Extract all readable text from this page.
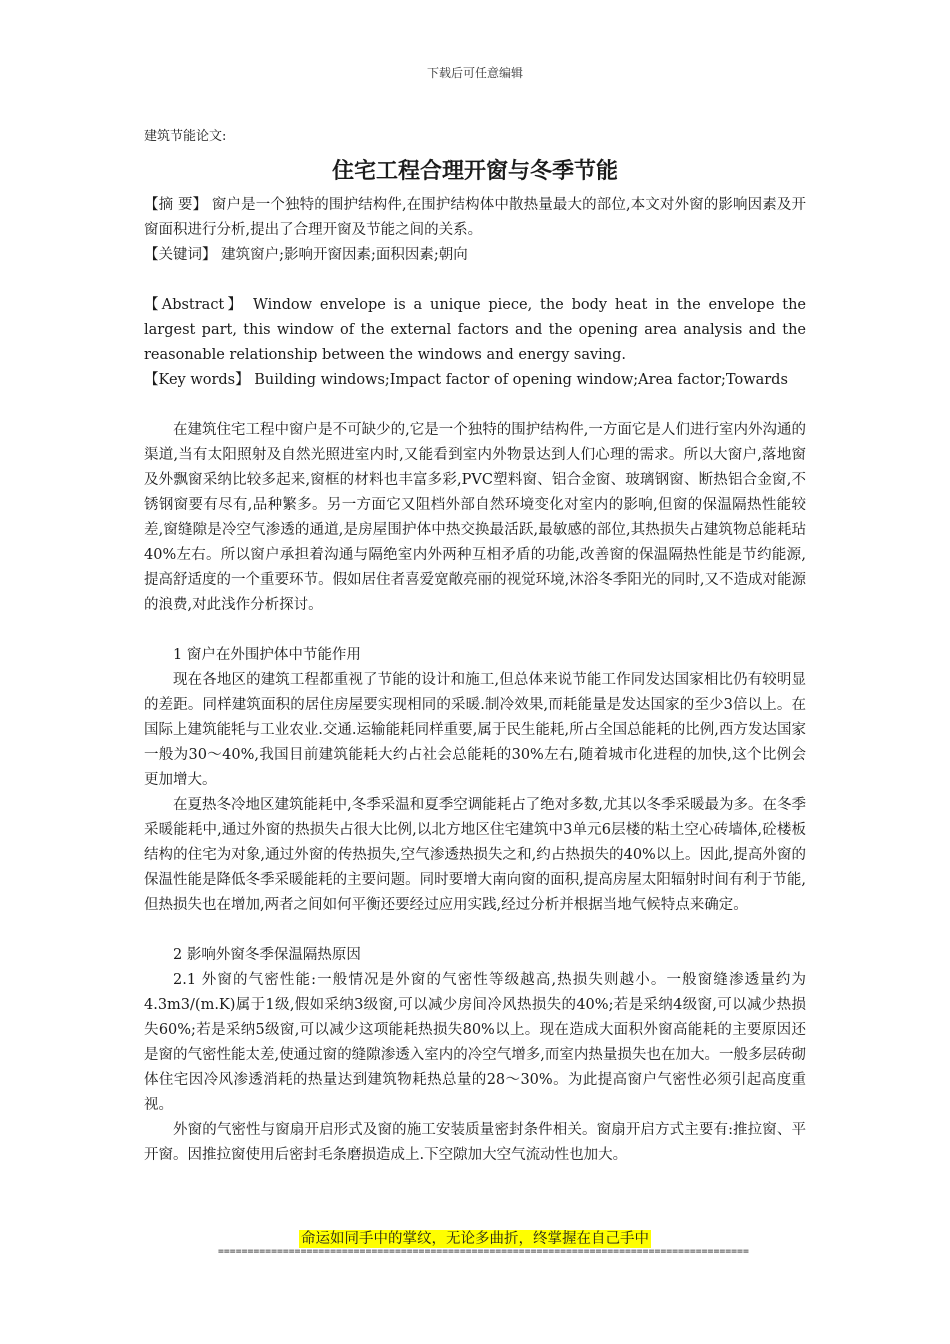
下载后可任意编辑
建筑节能论文:
住宅工程合理开窗与冬季节能

【摘 要】 窗户是一个独特的围护结构件,在围护结构体中散热量最大的部位,本文对外窗的影响因素及开窗面积进行分析,提出了合理开窗及节能之间的关系。

【关键词】 建筑窗户;影响开窗因素;面积因素;朝向

【Abstract】 Window envelope is a unique piece, the body heat in the envelope the largest part, this window of the external factors and the opening area analysis and the reasonable relationship between the windows and energy saving.

【Key words】 Building windows;Impact factor of opening window;Area factor;Towards

在建筑住宅工程中窗户是不可缺少的,它是一个独特的围护结构件,一方面它是人们进行室内外沟通的渠道,当有太阳照射及自然光照进室内时,又能看到室内外物景达到人们心理的需求。所以大窗户,落地窗及外飘窗采纳比较多起来,窗框的材料也丰富多彩,PVC塑料窗、铝合金窗、玻璃钢窗、断热铝合金窗,不锈钢窗要有尽有,品种繁多。另一方面它又阻档外部自然环境变化对室内的影响,但窗的保温隔热性能较差,窗缝隙是冷空气渗透的通道,是房屋围护体中热交换最活跃,最敏感的部位,其热损失占建筑物总能耗玷40%左右。所以窗户承担着沟通与隔绝室内外两种互相矛盾的功能,改善窗的保温隔热性能是节约能源,提高舒适度的一个重要环节。假如居住者喜爱宽敞亮丽的视觉环境,沐浴冬季阳光的同时,又不造成对能源的浪费,对此浅作分析探讨。

1 窗户在外围护体中节能作用

现在各地区的建筑工程都重视了节能的设计和施工,但总体来说节能工作同发达国家相比仍有较明显的差距。同样建筑面积的居住房屋要实现相同的采暖.制冷效果,而耗能量是发达国家的至少3倍以上。在国际上建筑能牦与工业农业.交通.运输能耗同样重要,属于民生能耗,所占全国总能耗的比例,西方发达国家一般为30～40%,我国目前建筑能耗大约占社会总能耗的30%左右,随着城市化进程的加快,这个比例会更加增大。

在夏热冬冷地区建筑能耗中,冬季采温和夏季空调能耗占了绝对多数,尤其以冬季采暖最为多。在冬季采暖能耗中,通过外窗的热损失占很大比例,以北方地区住宅建筑中3单元6层楼的粘土空心砖墙体,砼楼板结构的住宅为对象,通过外窗的传热损失,空气渗透热损失之和,约占热损失的40%以上。因此,提高外窗的保温性能是降低冬季采暖能耗的主要问题。同时要增大南向窗的面积,提高房屋太阳辐射时间有利于节能,但热损失也在增加,两者之间如何平衡还要经过应用实践,经过分析并根据当地气候特点来确定。

2 影响外窗冬季保温隔热原因

2.1 外窗的气密性能:一般情况是外窗的气密性等级越高,热损失则越小。一般窗缝渗透量约为4.3m3/(m.K)属于1级,假如采纳3级窗,可以减少房间冷风热损失的40%;若是采纳4级窗,可以减少热损失60%;若是采纳5级窗,可以减少这项能耗热损失80%以上。现在造成大面积外窗高能耗的主要原因还是窗的气密性能太差,使通过窗的缝隙渗透入室内的冷空气增多,而室内热量损失也在加大。一般多层砖砌体住宅因冷风渗透消耗的热量达到建筑物耗热总量的28～30%。为此提高窗户气密性必须引起高度重视。

外窗的气密性与窗扇开启形式及窗的施工安装质量密封条件相关。窗扇开启方式主要有:推拉窗、平开窗。因推拉窗使用后密封毛条磨损造成上.下空隙加大空气流动性也加大。

命运如同手中的掌纹，无论多曲折，终掌握在自己手中
==========================================================================================
